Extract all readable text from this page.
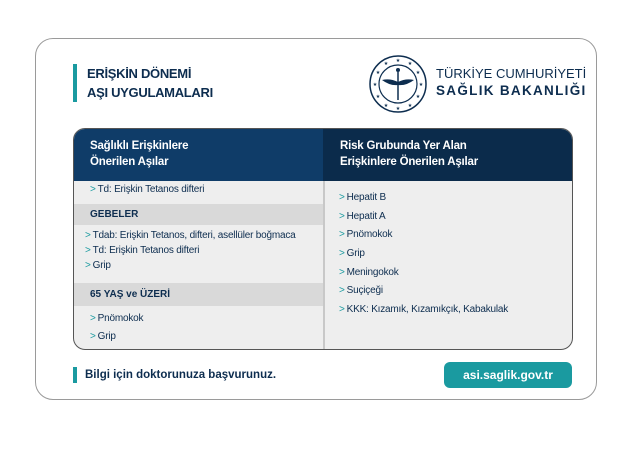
ERİŞKİN DÖNEMİ
AŞI UYGULAMALARI
★ ★
★
★
★
★
★
★
★
★
★
★
TÜRKİYE CUMHURİYETİ
SAĞLIK BAKANLIĞI
Sağlıklı Erişkinlere
Önerilen Aşılar
Risk Grubunda Yer Alan
Erişkinlere Önerilen Aşılar
> Td: Erişkin Tetanos difteri
GEBELER
> Tdab: Erişkin Tetanos, difteri, asellüler boğmaca
> Td: Erişkin Tetanos difteri
> Grip
65 YAŞ ve ÜZERİ
> Pnömokok
> Grip
> Hepatit B
> Hepatit A
> Pnömokok
> Grip
> Meningokok
> Suçiçeği
> KKK: Kızamık, Kızamıkçık, Kabakulak
Bilgi için doktorunuza başvurunuz.	asi.saglik.gov.tr
